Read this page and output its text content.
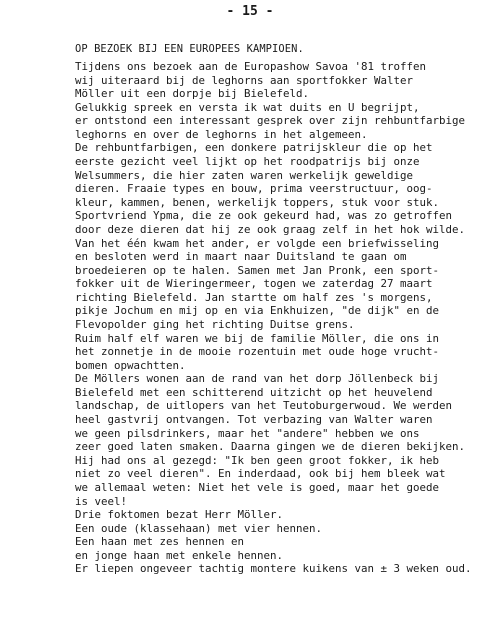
- 15 -
OP BEZOEK BIJ EEN EUROPEES KAMPIOEN.
Tijdens ons bezoek aan de Europashow Savoa '81 troffen
wij uiteraard bij de leghorns aan sportfokker Walter
Möller uit een dorpje bij Bielefeld.
Gelukkig spreek en versta ik wat duits en U begrijpt,
er ontstond een interessant gesprek over zijn rehbuntfarbige
leghorns en over de leghorns in het algemeen.
De rehbuntfarbigen, een donkere patrijskleur die op het
eerste gezicht veel lijkt op het roodpatrijs bij onze
Welsummers, die hier zaten waren werkelijk geweldige
dieren. Fraaie types en bouw, prima veerstructuur, oog-
kleur, kammen, benen, werkelijk toppers, stuk voor stuk.
Sportvriend Ypma, die ze ook gekeurd had, was zo getroffen
door deze dieren dat hij ze ook graag zelf in het hok wilde.
Van het één kwam het ander, er volgde een briefwisseling
en besloten werd in maart naar Duitsland te gaan om
broedeieren op te halen. Samen met Jan Pronk, een sport-
fokker uit de Wieringermeer, togen we zaterdag 27 maart
richting Bielefeld. Jan startte om half zes 's morgens,
pikje Jochum en mij op en via Enkhuizen, "de dijk" en de
Flevopolder ging het richting Duitse grens.
Ruim half elf waren we bij de familie Möller, die ons in
het zonnetje in de mooie rozentuin met oude hoge vrucht-
bomen opwachtten.
De Möllers wonen aan de rand van het dorp Jöllenbeck bij
Bielefeld met een schitterend uitzicht op het heuvelend
landschap, de uitlopers van het Teutoburgerwoud. We werden
heel gastvrij ontvangen. Tot verbazing van Walter waren
we geen pilsdrinkers, maar het "andere" hebben we ons
zeer goed laten smaken. Daarna gingen we de dieren bekijken.
Hij had ons al gezegd: "Ik ben geen groot fokker, ik heb
niet zo veel dieren". En inderdaad, ook bij hem bleek wat
we allemaal weten: Niet het vele is goed, maar het goede
is veel!
Drie foktomen bezat Herr Möller.
Een oude (klassehaan) met vier hennen.
Een haan met zes hennen en
en jonge haan met enkele hennen.
Er liepen ongeveer tachtig montere kuikens van ± 3 weken oud.
